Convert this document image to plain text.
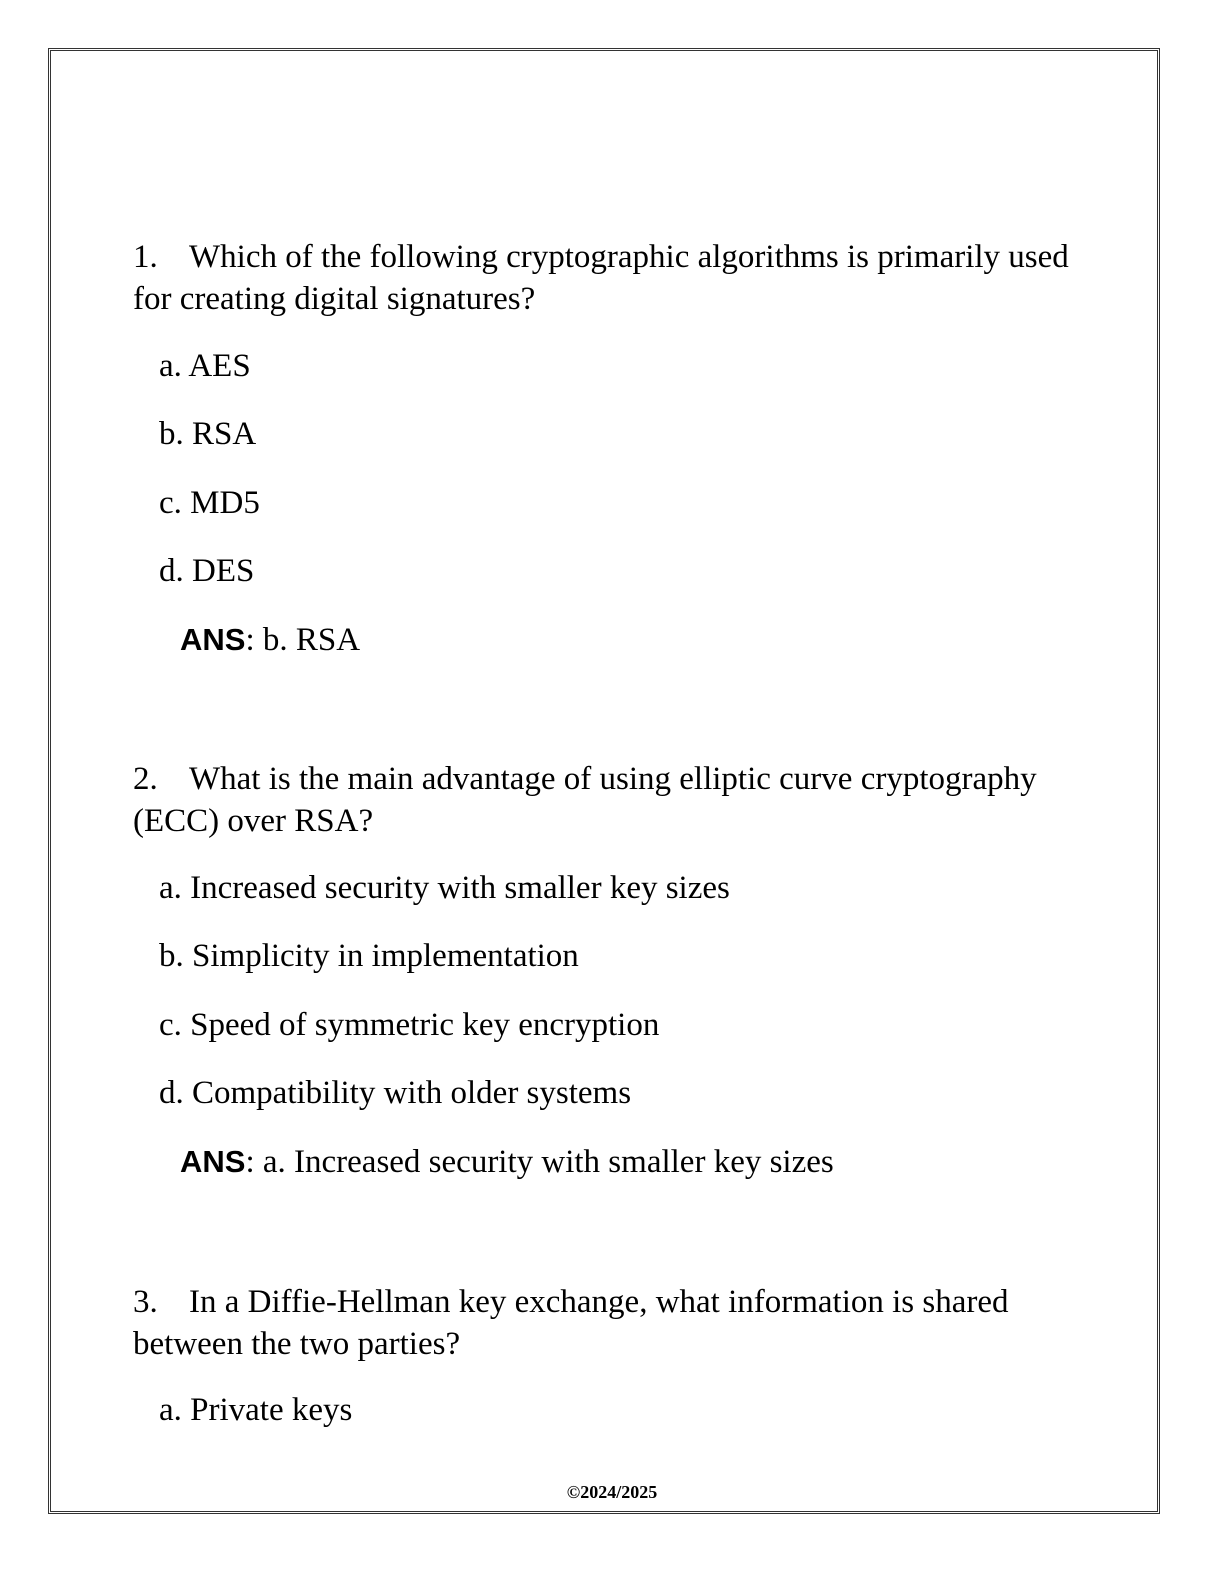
1. Which of the following cryptographic algorithms is primarily used for creating digital signatures?
a. AES
b. RSA
c. MD5
d. DES
ANS: b. RSA
2. What is the main advantage of using elliptic curve cryptography (ECC) over RSA?
a. Increased security with smaller key sizes
b. Simplicity in implementation
c. Speed of symmetric key encryption
d. Compatibility with older systems
ANS: a. Increased security with smaller key sizes
3. In a Diffie-Hellman key exchange, what information is shared between the two parties?
a. Private keys
©2024/2025
